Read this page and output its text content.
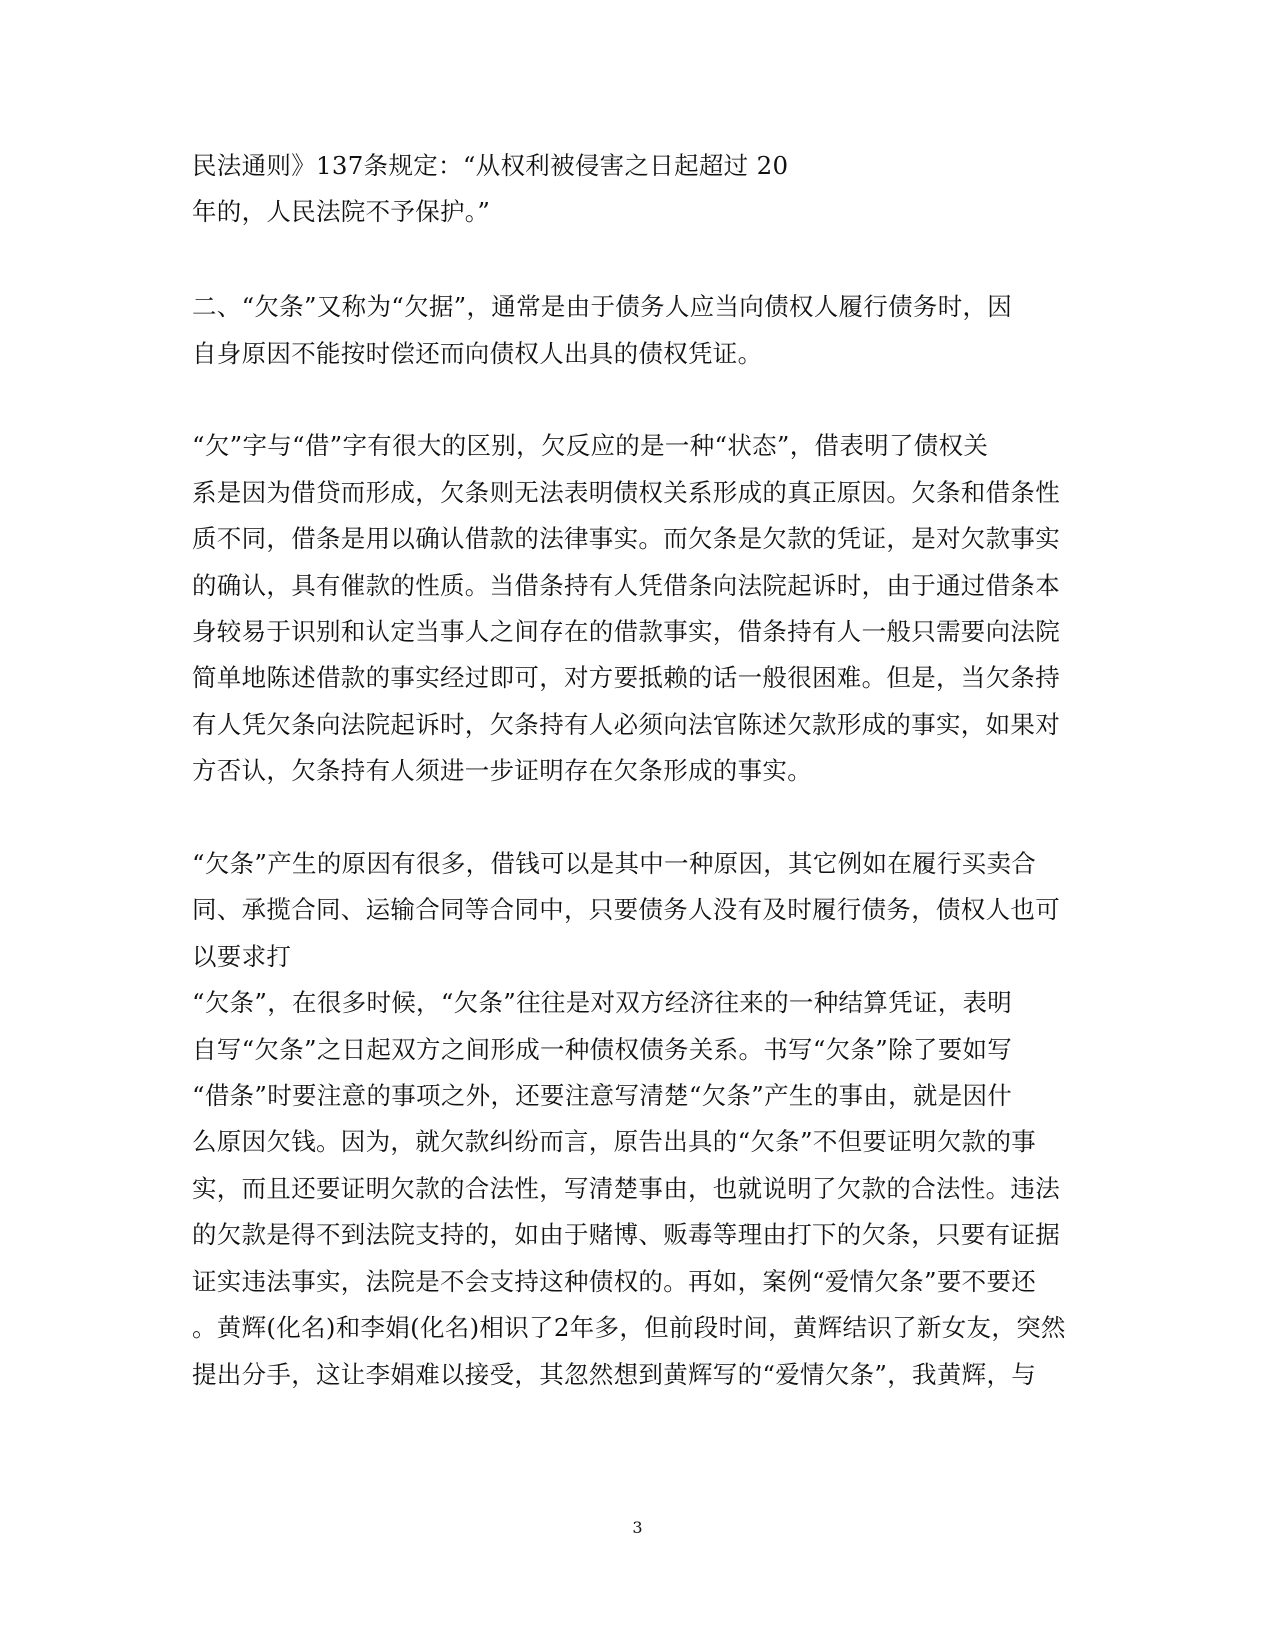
民法通则》137条规定：“从权利被侵害之日起超过 20
年的，人民法院不予保护。”
二、“欠条”又称为“欠据”，通常是由于债务人应当向债权人履行债务时，因
自身原因不能按时偿还而向债权人出具的债权凭证。
“欠”字与“借”字有很大的区别，欠反应的是一种“状态”，借表明了债权关
系是因为借贷而形成，欠条则无法表明债权关系形成的真正原因。欠条和借条性
质不同，借条是用以确认借款的法律事实。而欠条是欠款的凭证，是对欠款事实
的确认，具有催款的性质。当借条持有人凭借条向法院起诉时，由于通过借条本
身较易于识别和认定当事人之间存在的借款事实，借条持有人一般只需要向法院
简单地陈述借款的事实经过即可，对方要抵赖的话一般很困难。但是，当欠条持
有人凭欠条向法院起诉时，欠条持有人必须向法官陈述欠款形成的事实，如果对
方否认，欠条持有人须进一步证明存在欠条形成的事实。
“欠条”产生的原因有很多，借钱可以是其中一种原因，其它例如在履行买卖合
同、承揽合同、运输合同等合同中，只要债务人没有及时履行债务，债权人也可
以要求打
“欠条”，在很多时候，“欠条”往往是对双方经济往来的一种结算凭证，表明
自写“欠条”之日起双方之间形成一种债权债务关系。书写“欠条”除了要如写
“借条”时要注意的事项之外，还要注意写清楚“欠条”产生的事由，就是因什
么原因欠钱。因为，就欠款纠纷而言，原告出具的“欠条”不但要证明欠款的事
实，而且还要证明欠款的合法性，写清楚事由，也就说明了欠款的合法性。违法
的欠款是得不到法院支持的，如由于赌博、贩毒等理由打下的欠条，只要有证据
证实违法事实，法院是不会支持这种债权的。再如，案例“爱情欠条”要不要还
。黄辉(化名)和李娟(化名)相识了2年多，但前段时间，黄辉结识了新女友，突然
提出分手，这让李娟难以接受，其忽然想到黄辉写的“爱情欠条”，我黄辉，与
3
